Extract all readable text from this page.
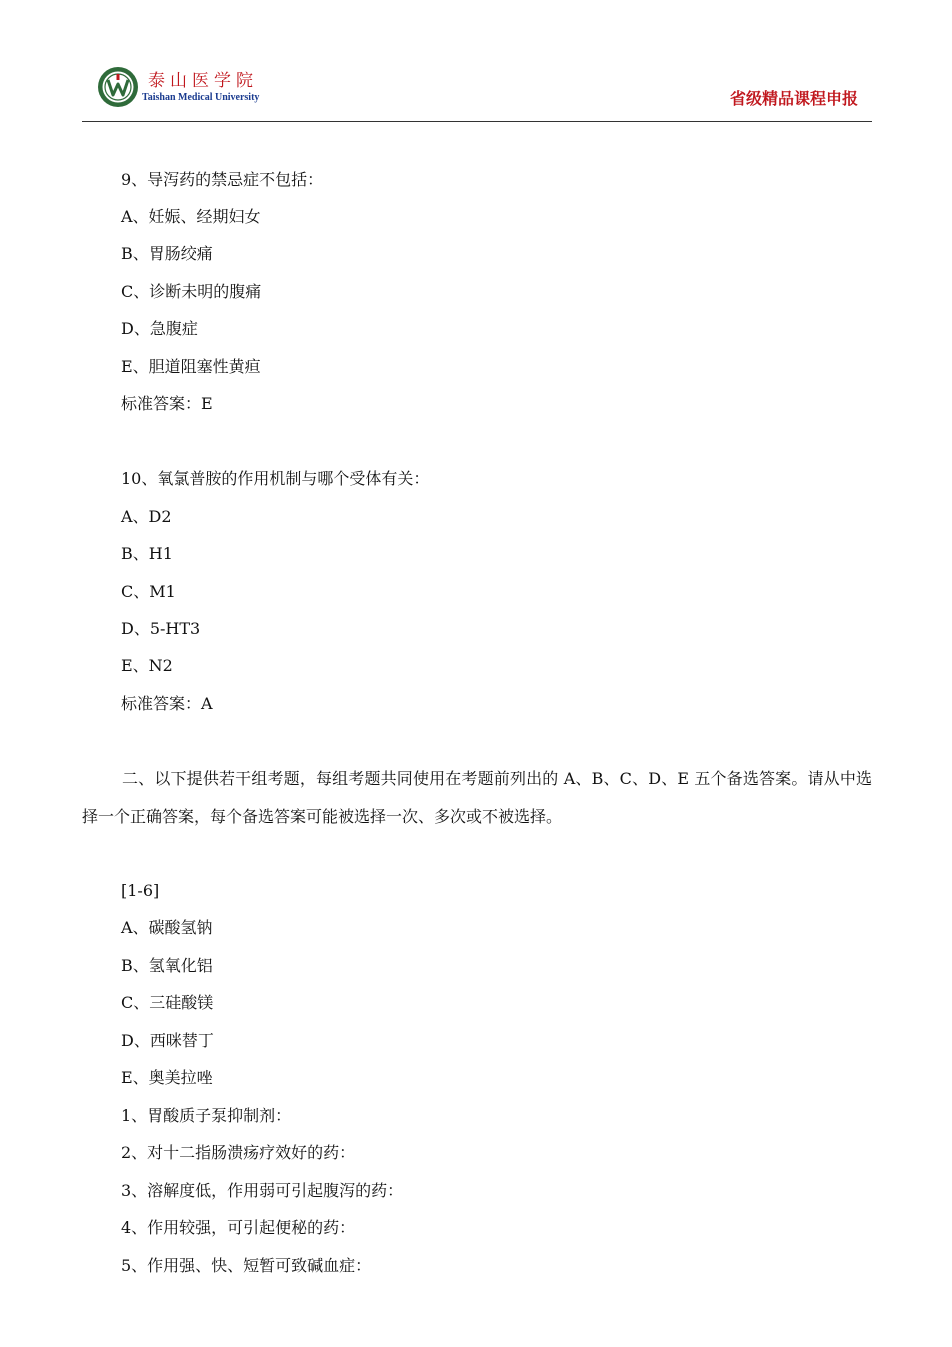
泰山医学院
Taishan Medical University	省级精品课程申报
9、导泻药的禁忌症不包括：
A、妊娠、经期妇女
B、胃肠绞痛
C、诊断未明的腹痛
D、急腹症
E、胆道阻塞性黄疸
标准答案：E
10、氧氯普胺的作用机制与哪个受体有关：
A、D2
B、H1
C、M1
D、5-HT3
E、N2
标准答案：A
[1-6]
A、碳酸氢钠
B、氢氧化铝
C、三硅酸镁
D、西咪替丁
E、奥美拉唑
1、胃酸质子泵抑制剂：
2、对十二指肠溃疡疗效好的药：
3、溶解度低，作用弱可引起腹泻的药：
4、作用较强，可引起便秘的药：
5、作用强、快、短暂可致碱血症：

二、以下提供若干组考题，每组考题共同使用在考题前列出的 A、B、C、D、E 五个备选答案。请从中选择一个正确答案，每个备选答案可能被选择一次、多次或不被选择。
